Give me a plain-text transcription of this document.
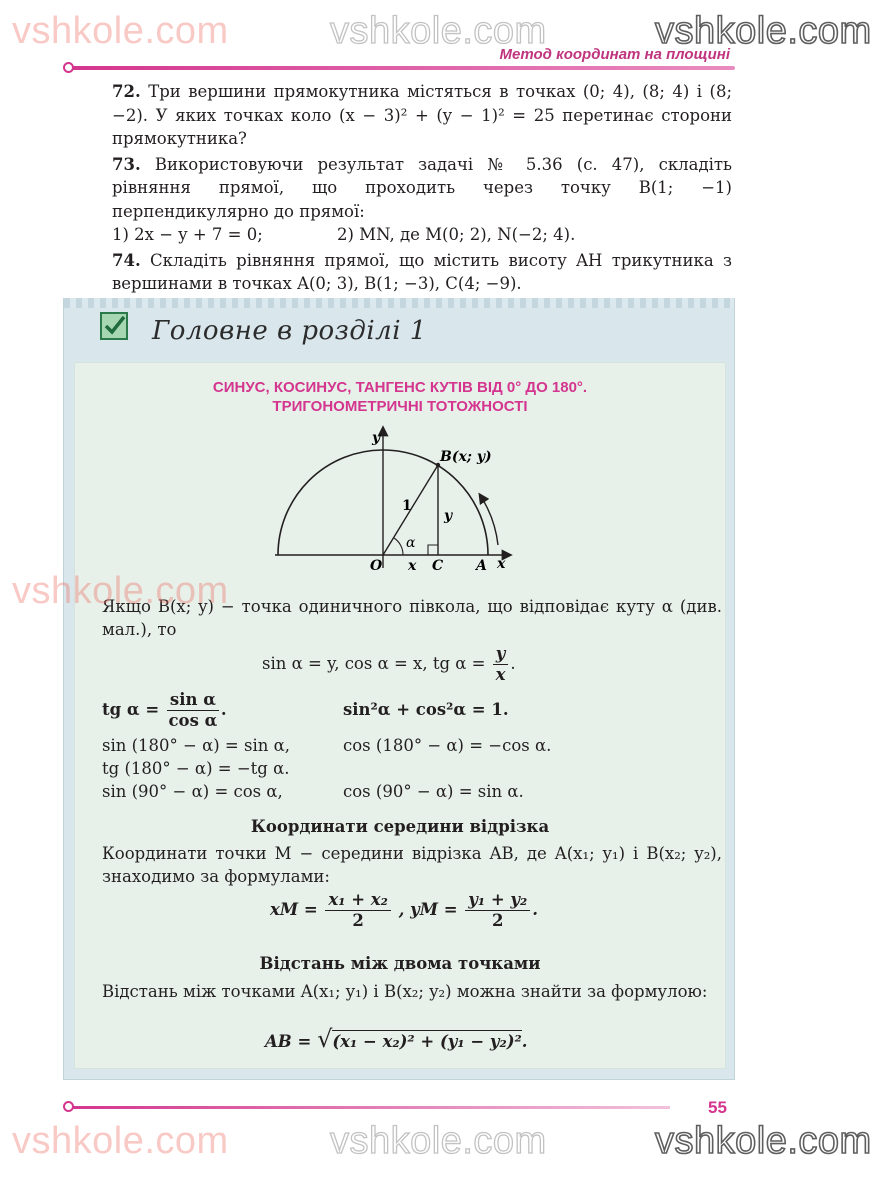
Метод координат на площині

72. Три вершини прямокутника містяться в точках (0; 4), (8; 4) і (8; −2). У яких точках коло (x − 3)² + (y − 1)² = 25 перетинає сторони прямокутника?

73. Використовуючи результат задачі № 5.36 (с. 47), складіть рівняння прямої, що проходить через точку B(1; −1) перпендикулярно до прямої:

1) 2x − y + 7 = 0;	2) MN, де M(0; 2), N(−2; 4).

74. Складіть рівняння прямої, що містить висоту AH трикутника з вершинами в точках A(0; 3), B(1; −3), C(4; −9).

Головне в розділі 1
СИНУС, КОСИНУС, ТАНГЕНС КУТІВ ВІД 0° ДО 180°.
ТРИГОНОМЕТРИЧНІ ТОТОЖНОСТІ
y
B(x; y)
1
y
α
O x C A x
Якщо B(x; y) − точка одиничного півкола, що відповідає куту α (див. мал.), то
sin α = y, cos α = x, tg $\alpha = \frac{y}{x}$ .
tg $\alpha = \frac{\text{sin α}}{\text{cos α}}$ .	sin²α + cos²α = 1.
sin (180° − α) = sin α,	cos (180° − α) = −cos α.
tg (180° − α) = −tg α.
sin (90° − α) = cos α,	cos (90° − α) = sin α.
Координати середини відрізка
Координати точки M − середини відрізка AB, де A(x₁; y₁) і B(x₂; y₂), знаходимо за формулами:
xM = $\frac{\text{x₁ + x₂}}{2}$ , yM = $\frac{\text{y₁ + y₂}}{2}$ .
Відстань між двома точками
Відстань між точками A(x₁; y₁) і B(x₂; y₂) можна знайти за формулою:
AB = √(x₁ − x₂)² + (y₁ − y₂)².
55
vshkole.com	vshkole.com	vshkole.com
vshkole.com
vshkole.com	vshkole.com	vshkole.com
